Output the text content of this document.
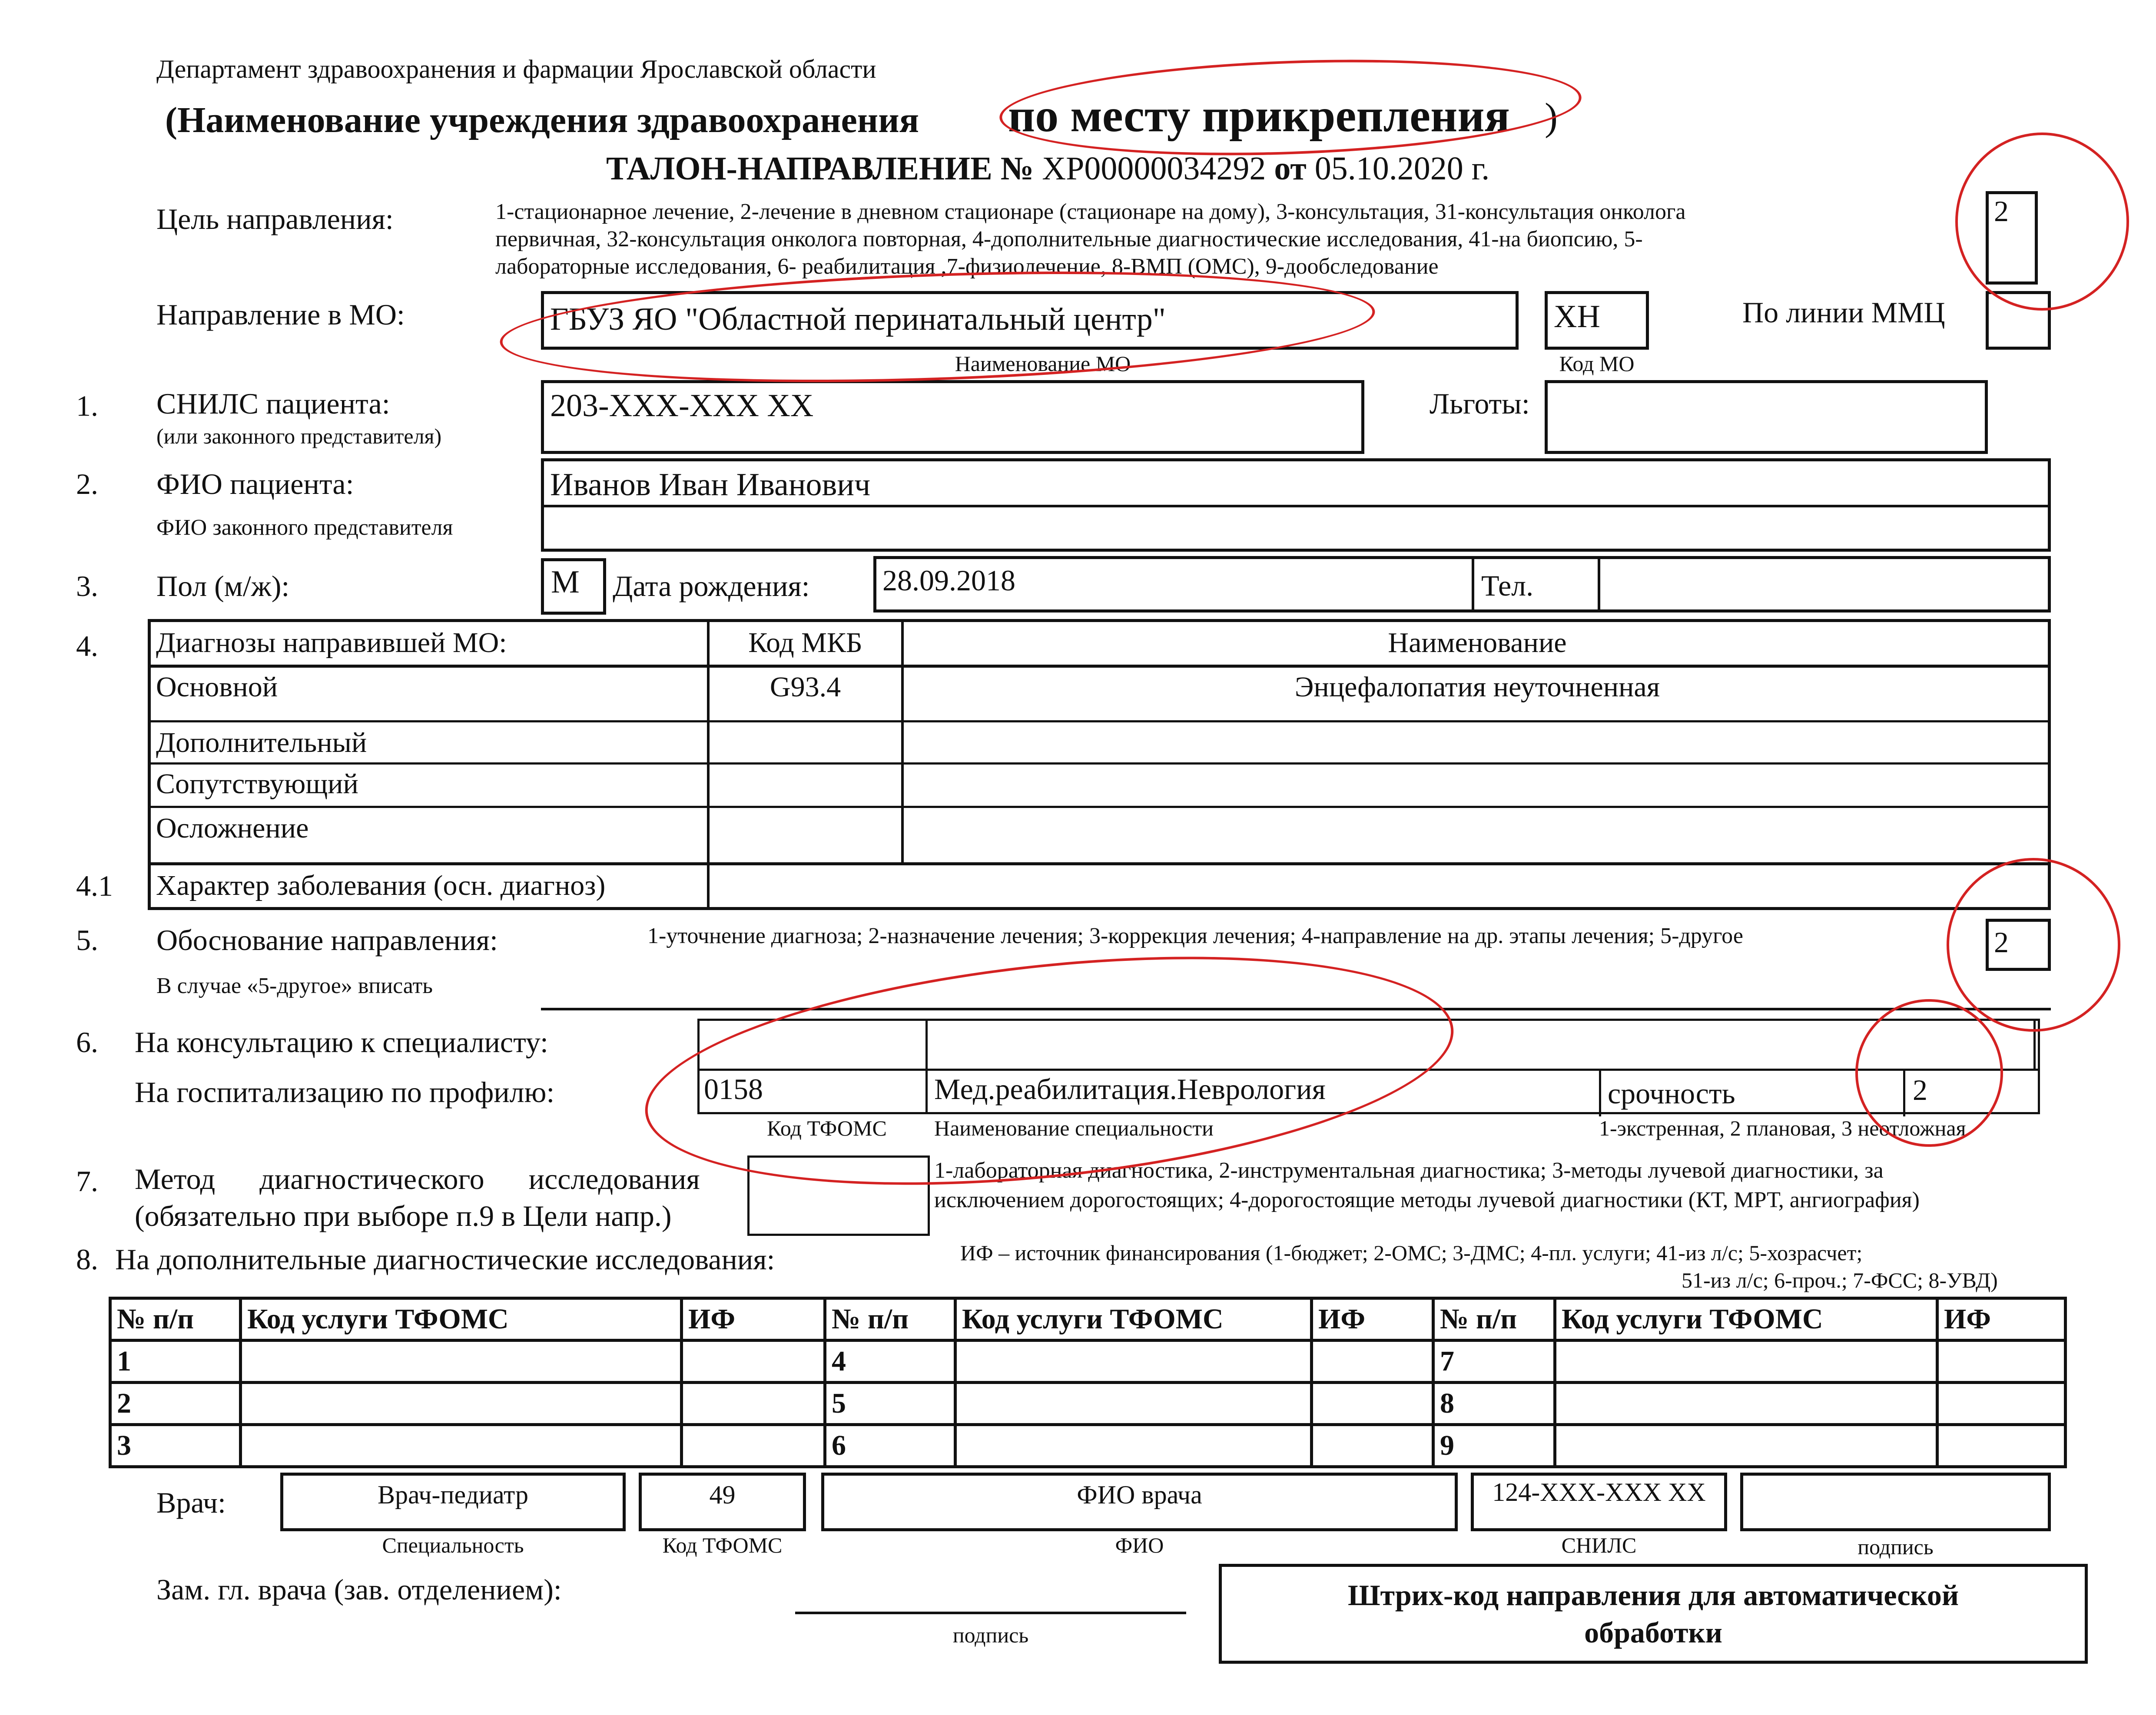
Департамент здравоохранения и фармации Ярославской области
(Наименование учреждения здравоохранения по месту прикрепления )
ТАЛОН-НАПРАВЛЕНИЕ № ХР00000034292 от 05.10.2020 г.
Цель направления:	1-стационарное лечение, 2-лечение в дневном стационаре (стационаре на дому), 3-консультация, 31-консультация онколога
первичная, 32-консультация онколога повторная, 4-дополнительные диагностические исследования, 41-на биопсию, 5-
лабораторные исследования, 6- реабилитация ,7-физиолечение, 8-ВМП (ОМС), 9-дообследование
2
Направление в МО:	ГБУЗ ЯО "Областной перинатальный центр"
Наименование МО
ХН
Код МО
По линии ММЦ
1. СНИЛС пациента:
(или законного представителя)
203-ХХХ-ХХХ ХХ	Льготы:
2. ФИО пациента:
ФИО законного представителя
Иванов Иван Иванович
3. Пол (м/ж):	М Дата рождения: 28.09.2018	Тел.
4. Диагнозы направившей МО:	Код МКБ	Наименование
Основной	G93.4	Энцефалопатия неуточненная
Дополнительный
Сопутствующий
Осложнение
Характер заболевания (осн. диагноз)
4.1
5. Обоснование направления:	1-уточнение диагноза; 2-назначение лечения; 3-коррекция лечения; 4-направление на др. этапы лечения; 5-другое	2
В случае «5-другое» вписать
6. На консультацию к специалисту:
На госпитализацию по профилю:	0158	Мед.реабилитация.Неврология	срочность	2
Код ТФОМС Наименование специальности	1-экстренная, 2 плановая, 3 неотложная
7. Метод      диагностического      исследования
(обязательно при выборе п.9 в Цели напр.)
1-лабораторная диагностика, 2-инструментальная диагностика; 3-методы лучевой диагностики, за
исключением дорогостоящих; 4-дорогостоящие методы лучевой диагностики (КТ, МРТ, ангиография)
8. На дополнительные диагностические исследования:	ИФ – источник финансирования (1-бюджет; 2-ОМС; 3-ДМС; 4-пл. услуги; 41-из л/с; 5-хозрасчет;
51-из л/с; 6-проч.; 7-ФСС; 8-УВД)
№ п/п	Код услуги ТФОМС	ИФ	№ п/п	Код услуги ТФОМС	ИФ	№ п/п	Код услуги ТФОМС	ИФ
1			4			7		
2			5			8		
3			6			9		
Врач:	Врач-педиатр
Специальность
49
Код ТФОМС
ФИО врача
ФИО
124-ХХХ-ХХХ ХХ
СНИЛС	подпись
Зам. гл. врача (зав. отделением):
подпись
Штрих-код направления для автоматической
обработки
